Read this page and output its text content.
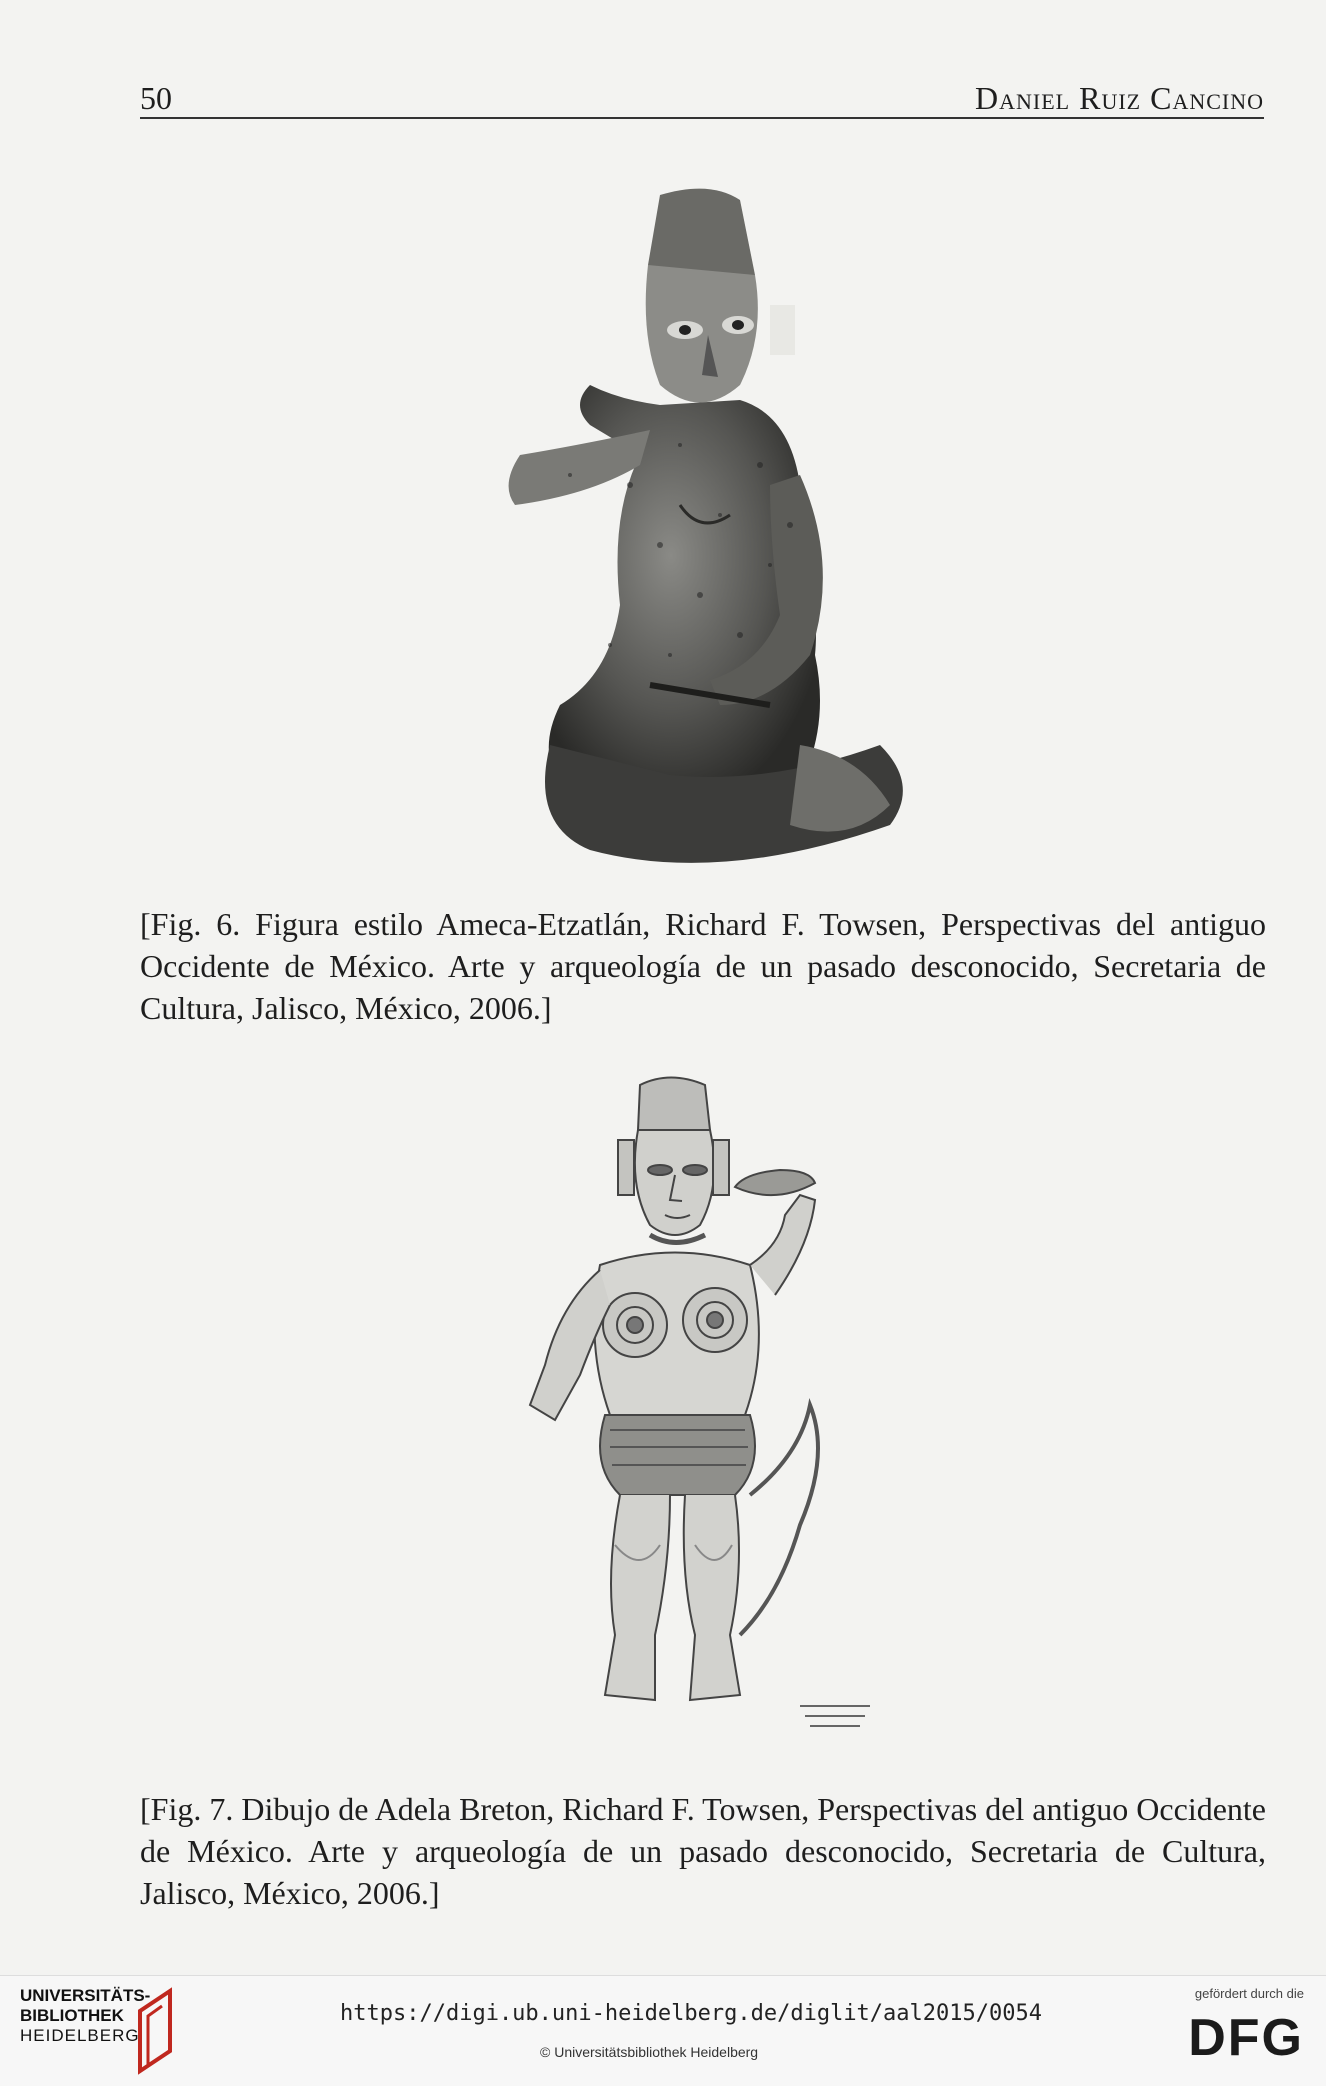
50	Daniel Ruiz Cancino
[Fig. 6. Figura estilo Ameca-Etzatlán, Richard F. Towsen, Perspectivas del antiguo Occidente de México. Arte y arqueología de un pasado desconocido, Secretaria de Cultura, Jalisco, México, 2006.]
[Fig. 7. Dibujo de Adela Breton, Richard F. Towsen, Perspectivas del antiguo Occidente de México. Arte y arqueología de un pasado desconocido, Secretaria de Cultura, Jalisco, México, 2006.]
UNIVERSITÄTS-
BIBLIOTHEK
HEIDELBERG
https://digi.ub.uni-heidelberg.de/diglit/aal2015/0054
© Universitätsbibliothek Heidelberg
gefördert durch die
DFG
